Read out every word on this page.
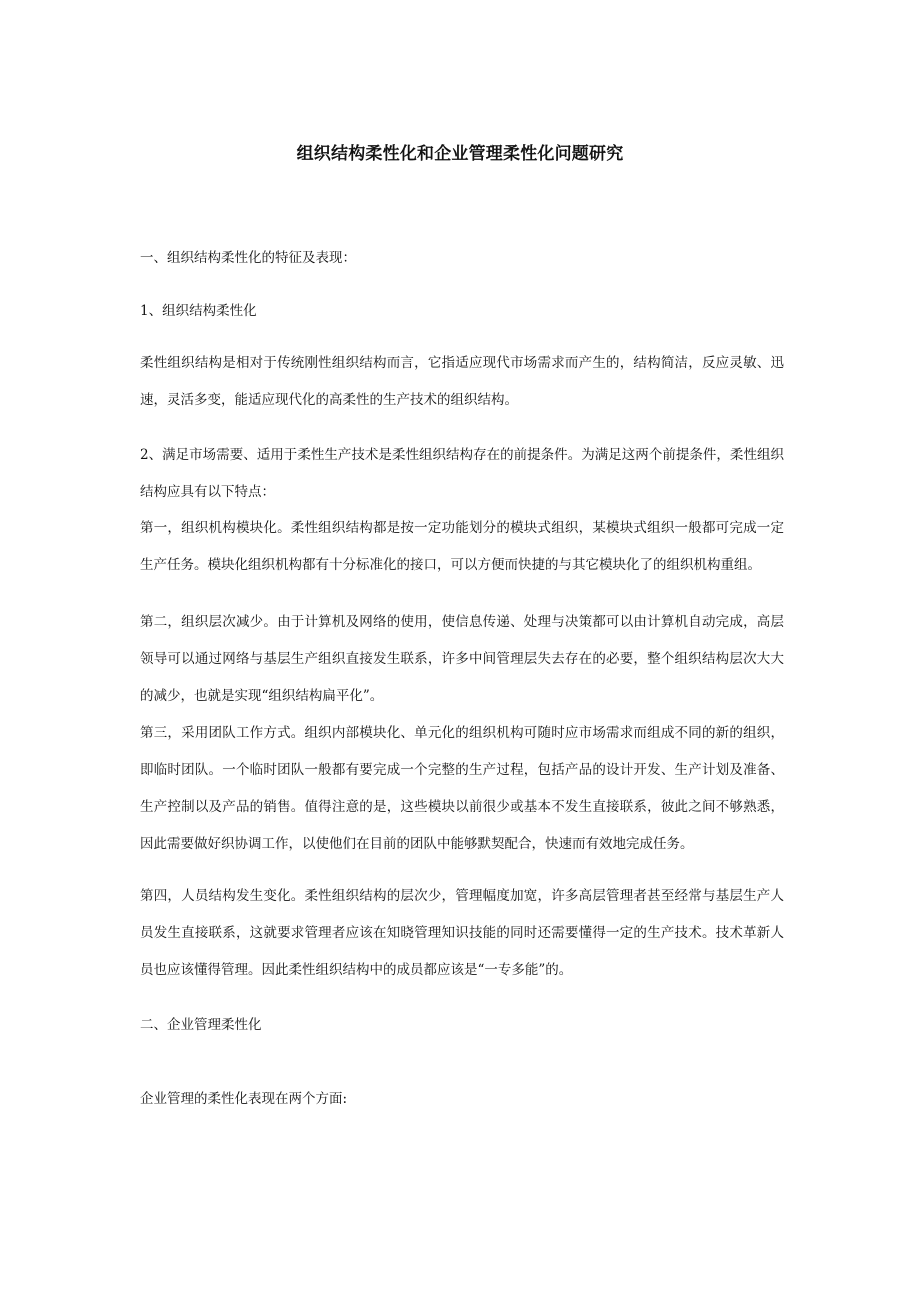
组织结构柔性化和企业管理柔性化问题研究
一、组织结构柔性化的特征及表现：
1、组织结构柔性化
柔性组织结构是相对于传统刚性组织结构而言，它指适应现代市场需求而产生的，结构简洁，反应灵敏、迅速，灵活多变，能适应现代化的高柔性的生产技术的组织结构。
2、满足市场需要、适用于柔性生产技术是柔性组织结构存在的前提条件。为满足这两个前提条件，柔性组织结构应具有以下特点：
第一，组织机构模块化。柔性组织结构都是按一定功能划分的模块式组织，某模块式组织一般都可完成一定生产任务。模块化组织机构都有十分标准化的接口，可以方便而快捷的与其它模块化了的组织机构重组。
第二，组织层次减少。由于计算机及网络的使用，使信息传递、处理与决策都可以由计算机自动完成，高层领导可以通过网络与基层生产组织直接发生联系，许多中间管理层失去存在的必要，整个组织结构层次大大的减少，也就是实现“组织结构扁平化”。
第三，采用团队工作方式。组织内部模块化、单元化的组织机构可随时应市场需求而组成不同的新的组织，即临时团队。一个临时团队一般都有要完成一个完整的生产过程，包括产品的设计开发、生产计划及准备、生产控制以及产品的销售。值得注意的是，这些模块以前很少或基本不发生直接联系，彼此之间不够熟悉，因此需要做好织协调工作，以使他们在目前的团队中能够默契配合，快速而有效地完成任务。
第四，人员结构发生变化。柔性组织结构的层次少，管理幅度加宽，许多高层管理者甚至经常与基层生产人员发生直接联系，这就要求管理者应该在知晓管理知识技能的同时还需要懂得一定的生产技术。技术革新人员也应该懂得管理。因此柔性组织结构中的成员都应该是“一专多能”的。
二、企业管理柔性化
企业管理的柔性化表现在两个方面:
